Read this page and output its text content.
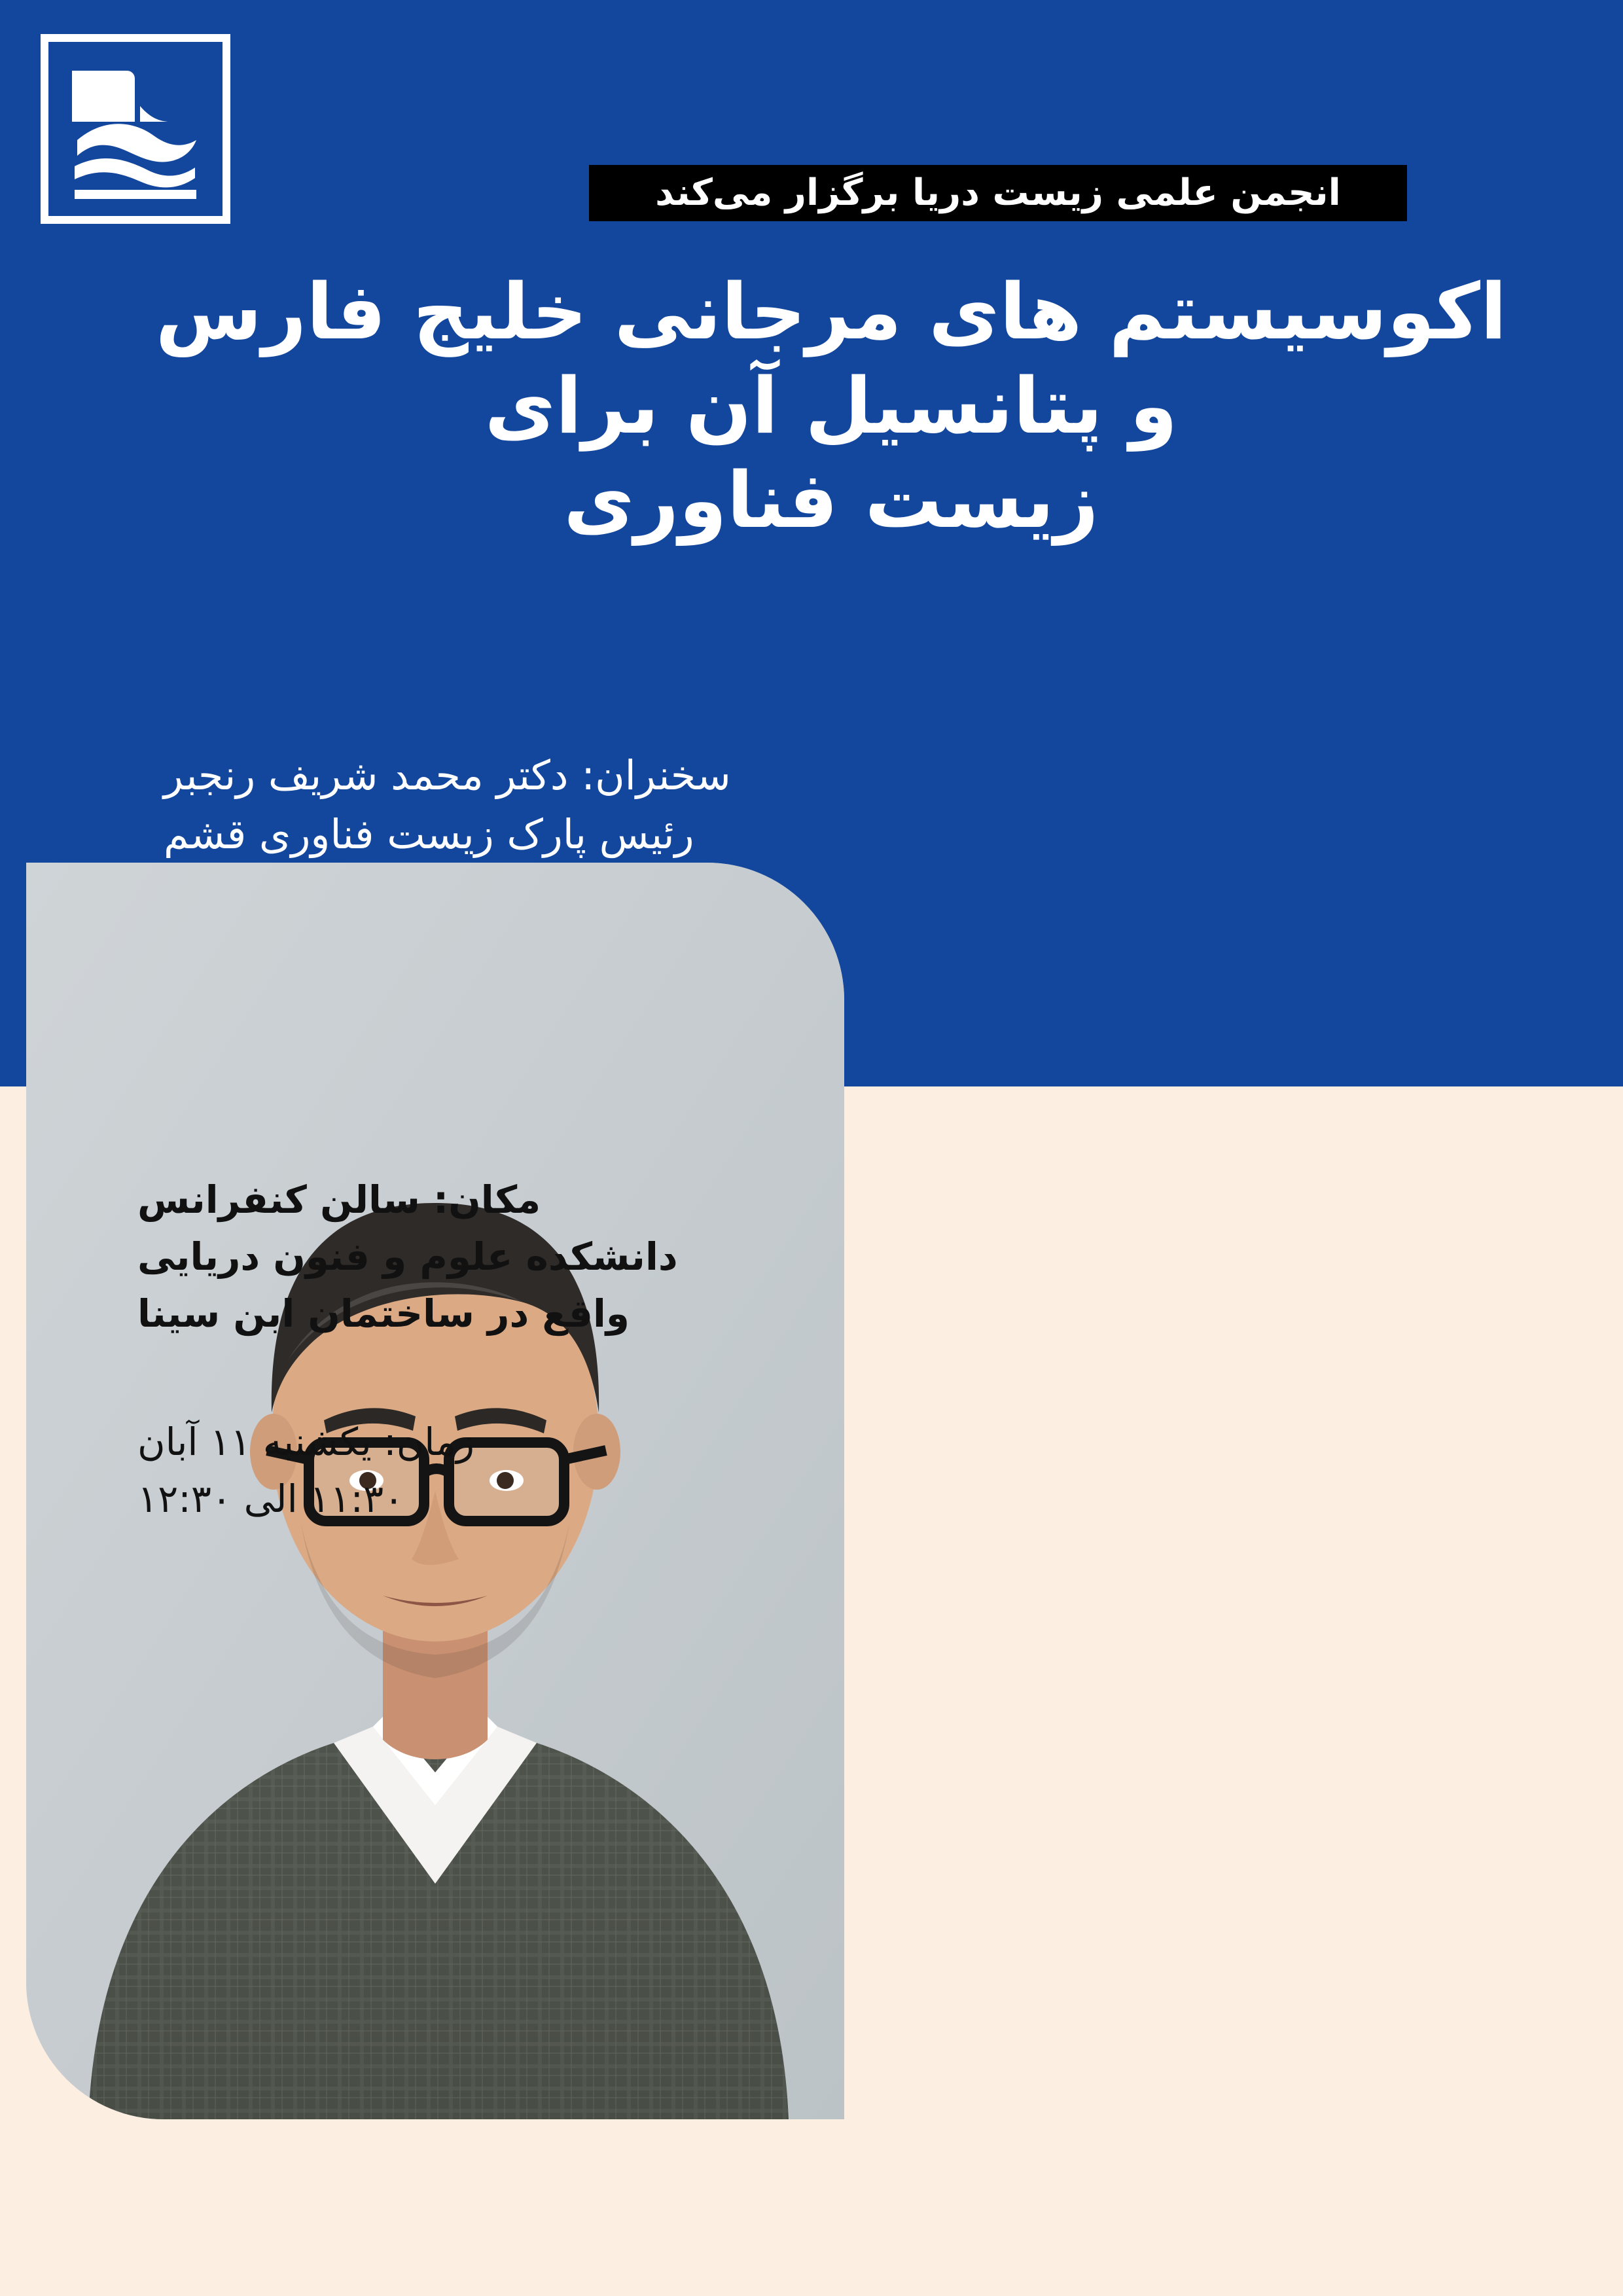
انجمن علمی زیست دریا برگزار می‌کند
اکوسیستم های مرجانی خلیج فارس
و پتانسیل آن برای
زیست فناوری
سخنران: دکتر محمد شریف رنجبر
رئیس پارک زیست فناوری قشم
مکان: سالن کنفرانس
دانشکده علوم و فنون دریایی
واقع در ساختمان ابن سینا
زمان: یکشنبه ۱۱ آبان
۱۱:۳۰ الی ۱۲:۳۰
